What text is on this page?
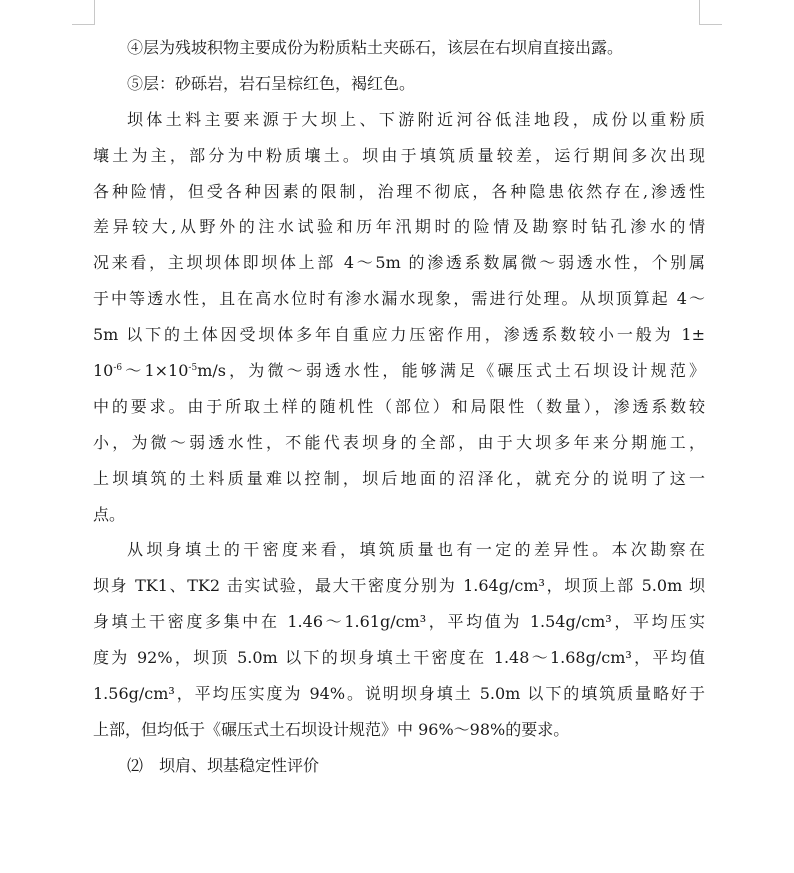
④层为残坡积物主要成份为粉质粘土夹砾石，该层在右坝肩直接出露。
⑤层：砂砾岩，岩石呈棕红色，褐红色。
坝体土料主要来源于大坝上、下游附近河谷低洼地段，成份以重粉质
壤土为主，部分为中粉质壤土。坝由于填筑质量较差，运行期间多次出现
各种险情，但受各种因素的限制，治理不彻底，各种隐患依然存在,渗透性
差异较大,从野外的注水试验和历年汛期时的险情及勘察时钻孔渗水的情
况来看，主坝坝体即坝体上部 4～5m 的渗透系数属微～弱透水性，个别属
于中等透水性，且在高水位时有渗水漏水现象，需进行处理。从坝顶算起 4～
5m 以下的土体因受坝体多年自重应力压密作用，渗透系数较小一般为 1±
$10^{-6}\sim 1\times 10^{-5}m/s$，为微～弱透水性，能够满足《碾压式土石坝设计规范》
中的要求。由于所取土样的随机性（部位）和局限性（数量），渗透系数较
小，为微～弱透水性，不能代表坝身的全部，由于大坝多年来分期施工，
上坝填筑的土料质量难以控制，坝后地面的沼泽化，就充分的说明了这一
点。
从坝身填土的干密度来看，填筑质量也有一定的差异性。本次勘察在
坝身 TK1、TK2 击实试验，最大干密度分别为 1.64g/cm³，坝顶上部 5.0m 坝
身填土干密度多集中在 1.46～1.61g/cm³，平均值为 1.54g/cm³，平均压实
度为 92%，坝顶 5.0m 以下的坝身填土干密度在 1.48～1.68g/cm³，平均值
1.56g/cm³，平均压实度为 94%。说明坝身填土 5.0m 以下的填筑质量略好于
上部，但均低于《碾压式土石坝设计规范》中 96%～98%的要求。
⑵　坝肩、坝基稳定性评价
